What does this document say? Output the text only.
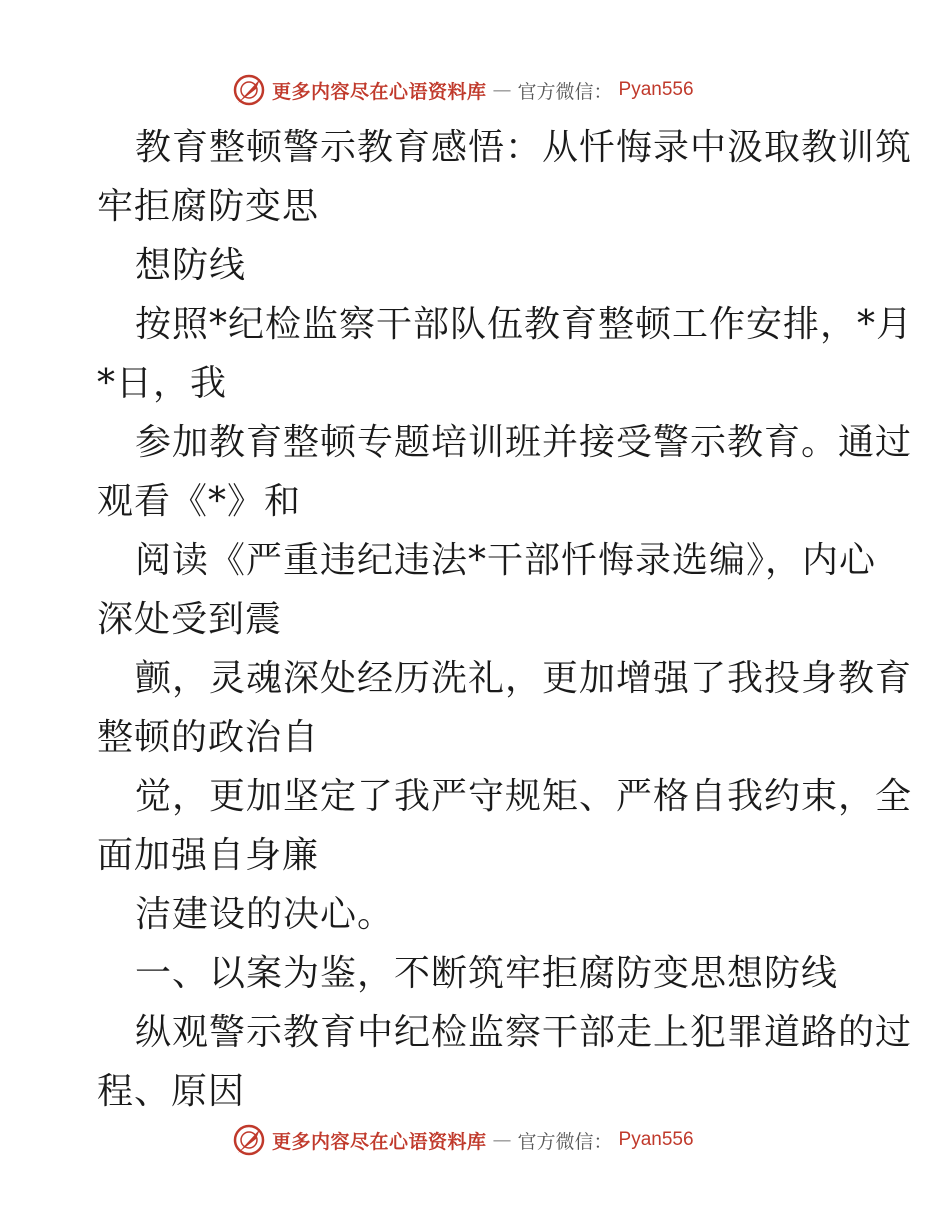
更多内容尽在心语资料库 — 官方微信： Pyan556
教育整顿警示教育感悟：从忏悔录中汲取教训筑
牢拒腐防变思
想防线
按照*纪检监察干部队伍教育整顿工作安排，*月
*日，我
参加教育整顿专题培训班并接受警示教育。通过
观看《*》和
阅读《严重违纪违法*干部忏悔录选编》，内心
深处受到震
颤，灵魂深处经历洗礼，更加增强了我投身教育
整顿的政治自
觉，更加坚定了我严守规矩、严格自我约束，全
面加强自身廉
洁建设的决心。
一、以案为鉴，不断筑牢拒腐防变思想防线
纵观警示教育中纪检监察干部走上犯罪道路的过
程、原因
更多内容尽在心语资料库 — 官方微信： Pyan556
